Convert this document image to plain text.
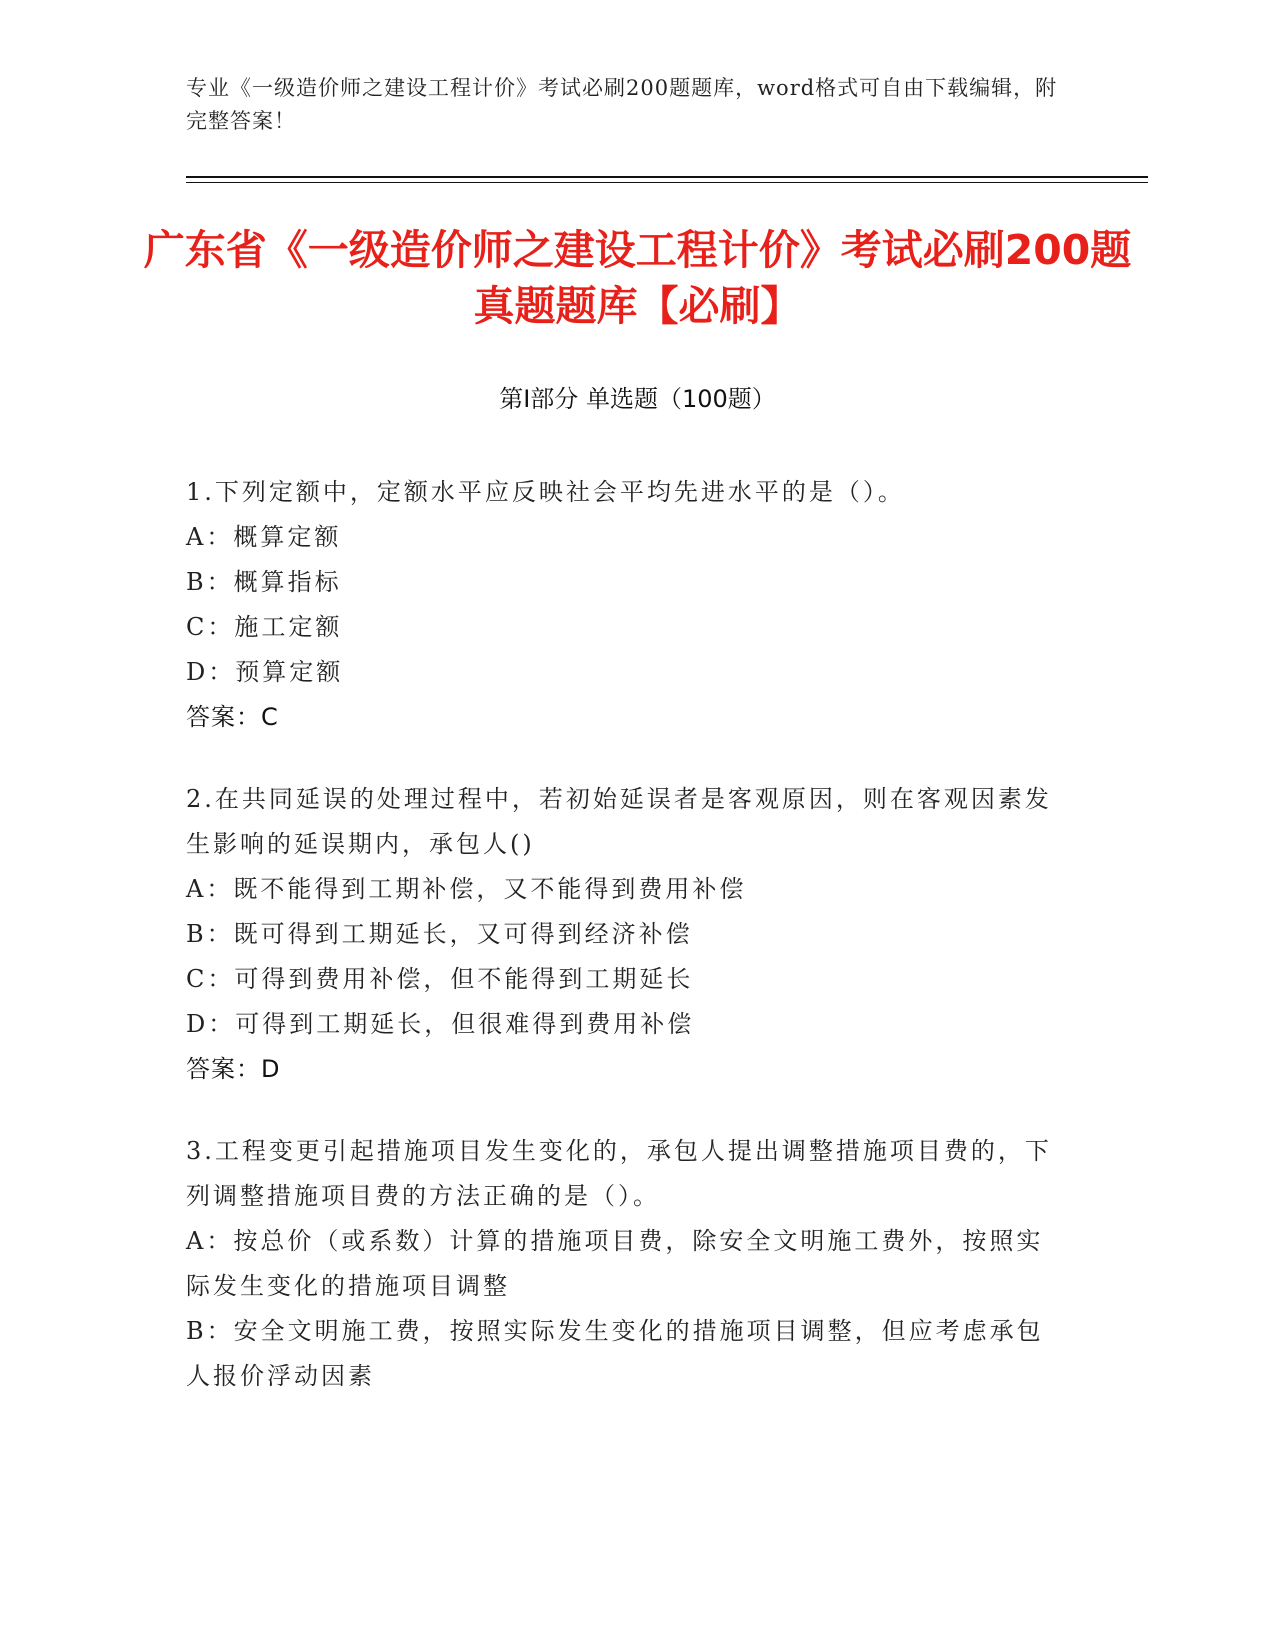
专业《一级造价师之建设工程计价》考试必刷200题题库，word格式可自由下载编辑，附完整答案！
广东省《一级造价师之建设工程计价》考试必刷200题真题题库【必刷】
第I部分 单选题（100题）

1.下列定额中，定额水平应反映社会平均先进水平的是（）。

A：概算定额

B：概算指标

C：施工定额

D：预算定额

答案：C

2.在共同延误的处理过程中，若初始延误者是客观原因，则在客观因素发生影响的延误期内，承包人()

A：既不能得到工期补偿，又不能得到费用补偿

B：既可得到工期延长，又可得到经济补偿

C：可得到费用补偿，但不能得到工期延长

D：可得到工期延长，但很难得到费用补偿

答案：D

3.工程变更引起措施项目发生变化的，承包人提出调整措施项目费的，下列调整措施项目费的方法正确的是（）。

A：按总价（或系数）计算的措施项目费，除安全文明施工费外，按照实际发生变化的措施项目调整

B：安全文明施工费，按照实际发生变化的措施项目调整，但应考虑承包人报价浮动因素
